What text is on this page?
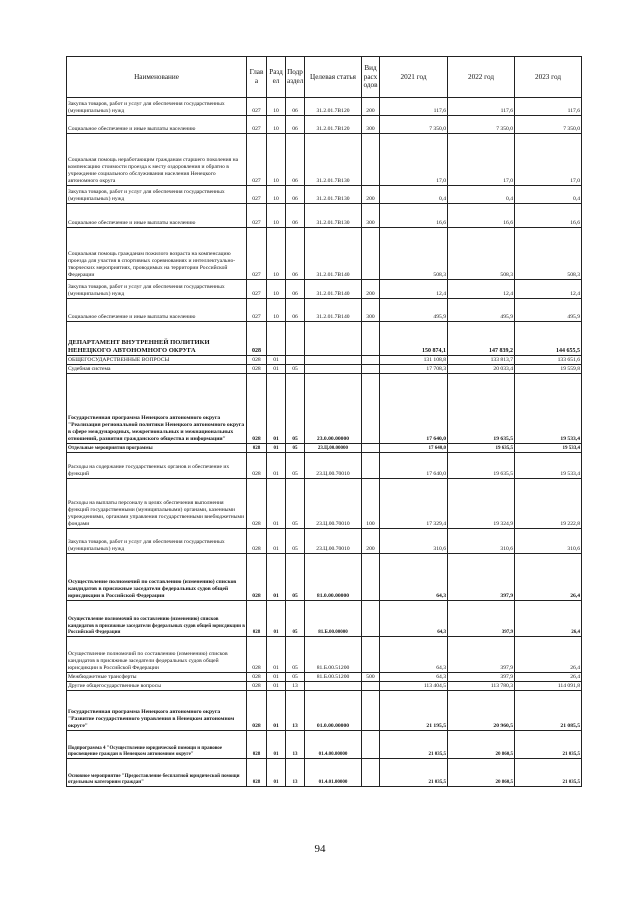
Наименование	Глав а	Разд ел	Подр аздел	Целевая статья	Вид расх одов	2021 год	2022 год	2023 год
Закупка товаров, работ и услуг для обеспечения государственных (муниципальных) нужд	027	10	06	31.2.01.7В120	200	117,6	117,6	117,6
Социальное обеспечение и иные выплаты населению	027	10	06	31.2.01.7В120	300	7 350,0	7 350,0	7 350,0
Социальная помощь неработающим гражданам старшего поколения на компенсацию стоимости проезда к месту оздоровления и обратно в учреждение социального обслуживания населения Ненецкого автономного округа	027	10	06	31.2.01.7В130		17,0	17,0	17,0
Закупка товаров, работ и услуг для обеспечения государственных (муниципальных) нужд	027	10	06	31.2.01.7В130	200	0,4	0,4	0,4
Социальное обеспечение и иные выплаты населению	027	10	06	31.2.01.7В130	300	16,6	16,6	16,6
Социальная помощь гражданам пожилого возраста на компенсацию проезда для участия в спортивных соревнованиях и интеллектуально-творческих мероприятиях, проводимых на территории Российской Федерации	027	10	06	31.2.01.7В140		508,3	508,3	508,3
Закупка товаров, работ и услуг для обеспечения государственных (муниципальных) нужд	027	10	06	31.2.01.7В140	200	12,4	12,4	12,4
Социальное обеспечение и иные выплаты населению	027	10	06	31.2.01.7В140	300	495,9	495,9	495,9
ДЕПАРТАМЕНТ ВНУТРЕННЕЙ ПОЛИТИКИ НЕНЕЦКОГО АВТОНОМНОГО ОКРУГА	028					150 874,1	147 839,2	144 655,5
ОБЩЕГОСУДАРСТВЕННЫЕ ВОПРОСЫ	028	01				131 108,8	133 813,7	133 651,6
Судебная система	028	01	05			17 708,3	20 033,4	19 559,8
Государственная программа Ненецкого автономного округа "Реализация региональной политики Ненецкого автономного округа в сфере международных, межрегиональных и межнациональных отношений, развития гражданского общества и информации"	028	01	05	23.0.00.00000		17 640,0	19 635,5	19 533,4
Отдельные мероприятия программы	028	01	05	23.Ц.00.00000		17 640,0	19 635,5	19 533,4
Расходы на содержание государственных органов и обеспечение их функций	028	01	05	23.Ц.00.70010		17 640,0	19 635,5	19 533,4
Расходы на выплаты персоналу в целях обеспечения выполнения функций государственными (муниципальными) органами, казенными учреждениями, органами управления государственными внебюджетными фондами	028	01	05	23.Ц.00.70010	100	17 329,4	19 324,9	19 222,8
Закупка товаров, работ и услуг для обеспечения государственных (муниципальных) нужд	028	01	05	23.Ц.00.70010	200	310,6	310,6	310,6
Осуществление полномочий по составлению (изменению) списков кандидатов в присяжные заседатели федеральных судов общей юрисдикции в Российской Федерации	028	01	05	81.0.00.00000		64,3	397,9	26,4
Осуществление полномочий по составлению (изменению) списков кандидатов в присяжные заседатели федеральных судов общей юрисдикции в Российской Федерации	028	01	05	81.Б.00.00000		64,3	397,9	26,4
Осуществление полномочий по составлению (изменению) списков кандидатов в присяжные заседатели федеральных судов общей юрисдикции в Российской Федерации	028	01	05	81.Б.00.51200		64,3	397,9	26,4
Межбюджетные трансферты	028	01	05	81.Б.00.51200	500	64,3	397,9	26,4
Другие общегосударственные вопросы	028	01	13			113 404,5	113 780,3	114 091,8
Государственная программа Ненецкого автономного округа "Развитие государственного управления в Ненецком автономном округе"	028	01	13	01.0.00.00000		21 195,5	20 960,5	21 085,5
Подпрограмма 4 "Осуществление юридической помощи и правовое просвещение граждан в Ненецком автономном округе"	028	01	13	01.4.00.00000		21 035,5	20 860,5	21 035,5
Основное мероприятие "Предоставление бесплатной юридической помощи отдельным категориям граждан"	028	01	13	01.4.01.00000		21 035,5	20 860,5	21 035,5
94
